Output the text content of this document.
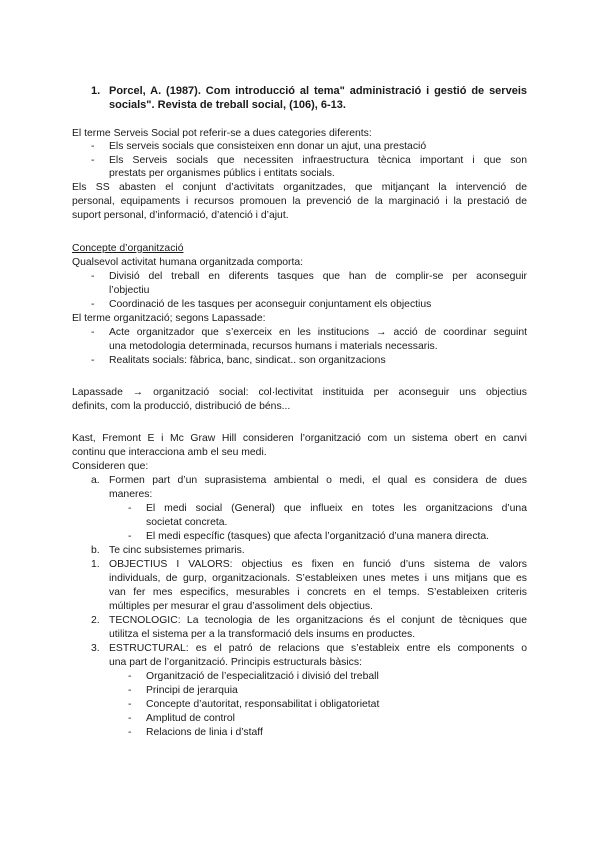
1. Porcel, A. (1987). Com introducció al tema" administració i gestió de serveis
socials". Revista de treball social, (106), 6-13.
El terme Serveis Social pot referir-se a dues categories diferents:
- Els serveis socials que consisteixen enn donar un ajut, una prestació
- Els Serveis socials que necessiten infraestructura tècnica important i que son
prestats per organismes públics i entitats socials.
Els SS abasten el conjunt d’activitats organitzades, que mitjançant la intervenció de
personal, equipaments i recursos promouen la prevenció de la marginació i la prestació de
suport personal, d’informació, d’atenció i d’ajut.
Concepte d’organització
Qualsevol activitat humana organitzada comporta:
- Divisió del treball en diferents tasques que han de complir-se per aconseguir
l’objectiu
- Coordinació de les tasques per aconseguir conjuntament els objectius
El terme organització; segons Lapassade:
- Acte organitzador que s’exerceix en les institucions → acció de coordinar seguint
una metodologia determinada, recursos humans i materials necessaris.
- Realitats socials: fàbrica, banc, sindicat.. son organitzacions
Lapassade → organització social: col·lectivitat instituida per aconseguir uns objectius
definits, com la producció, distribució de béns...
Kast, Fremont E i Mc Graw Hill consideren l’organització com un sistema obert en canvi
continu que interacciona amb el seu medi.
Consideren que:
a. Formen part d’un suprasistema ambiental o medi, el qual es considera de dues
maneres:
- El medi social (General) que influeix en totes les organitzacions d’una
societat concreta.
- El medi específic (tasques) que afecta l’organització d’una manera directa.
b. Te cinc subsistemes primaris.
1. OBJECTIUS I VALORS: objectius es fixen en funció d’uns sistema de valors
individuals, de gurp, organitzacionals. S’estableixen unes metes i uns mitjans que es
van fer mes especifics, mesurables i concrets en el temps. S’estableixen criteris
múltiples per mesurar el grau d’assoliment dels objectius.
2. TECNOLOGIC: La tecnologia de les organitzacions és el conjunt de tècniques que
utilitza el sistema per a la transformació dels insums en productes.
3. ESTRUCTURAL: es el patró de relacions que s’estableix entre els components o
una part de l’organització. Principis estructurals bàsics:
- Organització de l’especialització i divisió del treball
- Principi de jerarquia
- Concepte d’autoritat, responsabilitat i obligatorietat
- Amplitud de control
- Relacions de linia i d’staff
